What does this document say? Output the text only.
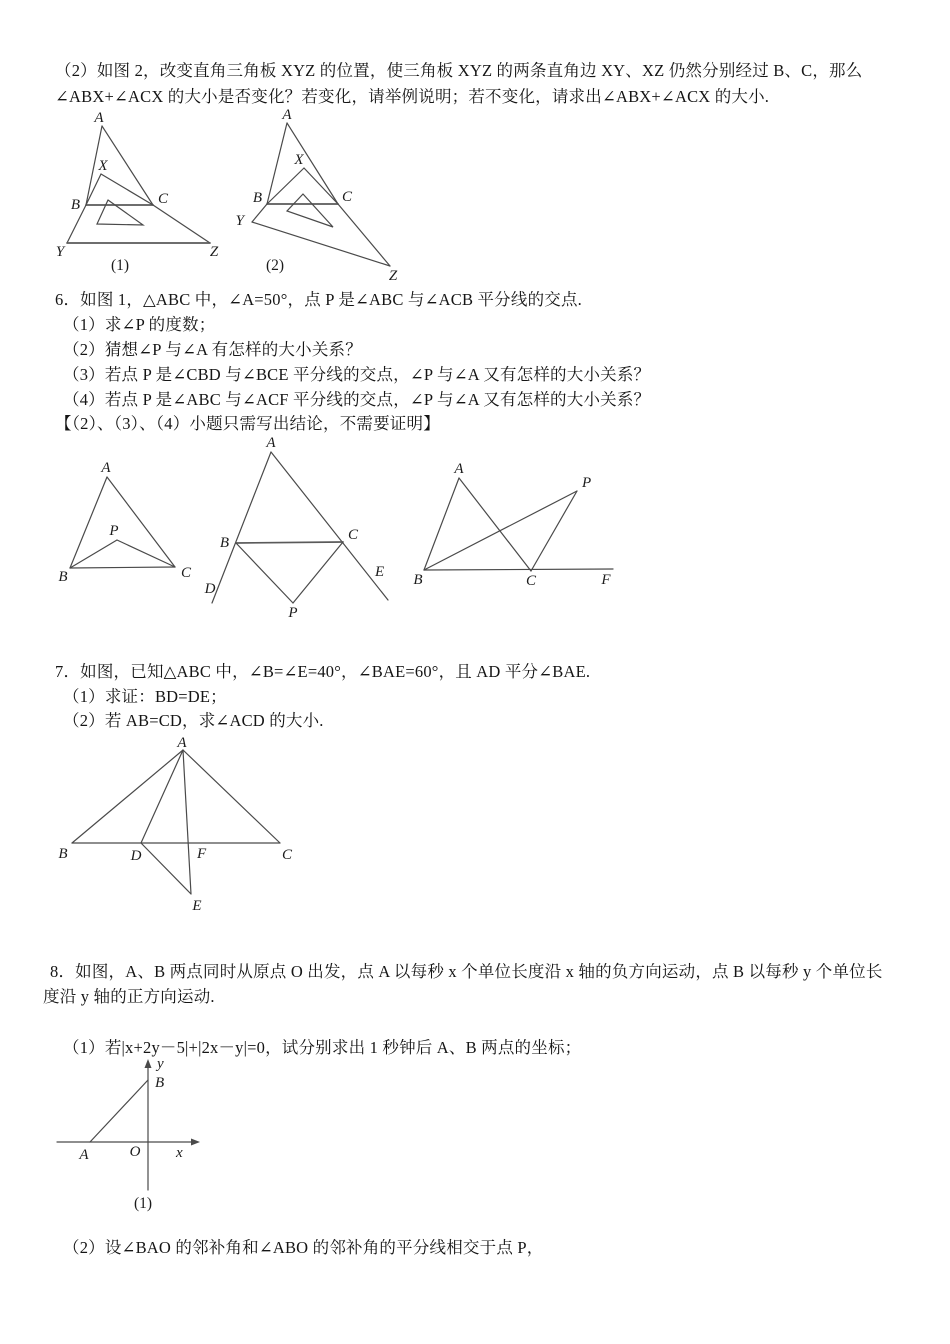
（2）如图 2，改变直角三角板 XYZ 的位置，使三角板 XYZ 的两条直角边 XY、XZ 仍然分别经过 B、C，那么
∠ABX+∠ACX 的大小是否变化？若变化，请举例说明；若不变化，请求出∠ABX+∠ACX 的大小.
A
X
B	C
Y	Z
(1)
A
X
B	C
Y
Z
(2)
6．如图 1，△ABC 中，∠A=50°，点 P 是∠ABC 与∠ACB 平分线的交点.
（1）求∠P 的度数；
（2）猜想∠P 与∠A 有怎样的大小关系？
（3）若点 P 是∠CBD 与∠BCE 平分线的交点，∠P 与∠A 又有怎样的大小关系？
（4）若点 P 是∠ABC 与∠ACF 平分线的交点，∠P 与∠A 又有怎样的大小关系？
【（2）、（3）、（4）小题只需写出结论，不需要证明】
A
P
B	C
A
B	C
D
E
P
A
P
B	C	F
7．如图，已知△ABC 中，∠B=∠E=40°，∠BAE=60°，且 AD 平分∠BAE.
（1）求证：BD=DE；
（2）若 AB=CD，求∠ACD 的大小.
A
B	D	F	C
E
8．如图，A、B 两点同时从原点 O 出发，点 A 以每秒 x 个单位长度沿 x 轴的负方向运动，点 B 以每秒 y 个单位长
度沿 y 轴的正方向运动.
（1）若|x+2y－5|+|2x－y|=0，试分别求出 1 秒钟后 A、B 两点的坐标；
y
x
O
B
A
(1)
（2）设∠BAO 的邻补角和∠ABO 的邻补角的平分线相交于点 P，
